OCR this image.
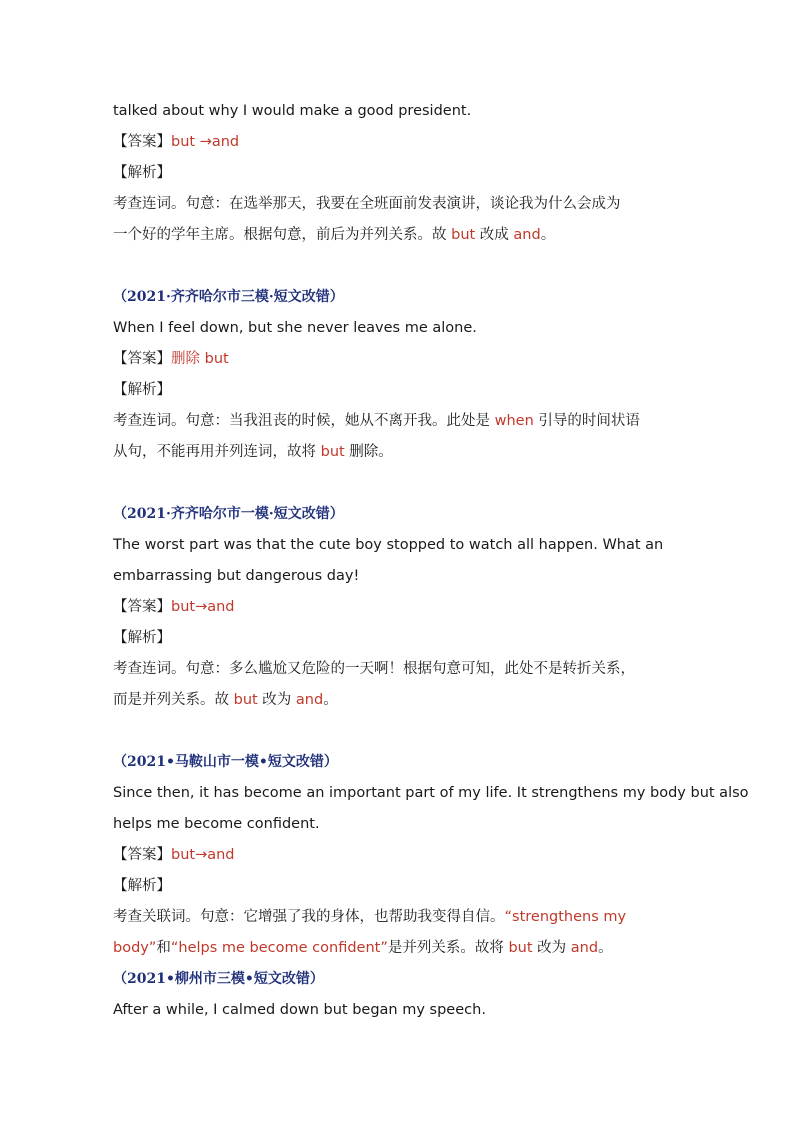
talked about why I would make a good president.
【答案】but →and
【解析】
考查连词。句意：在选举那天，我要在全班面前发表演讲，谈论我为什么会成为
一个好的学年主席。根据句意，前后为并列关系。故 but 改成 and。
（2021·齐齐哈尔市三模·短文改错）
When I feel down, but she never leaves me alone.
【答案】删除 but
【解析】
考查连词。句意：当我沮丧的时候，她从不离开我。此处是 when 引导的时间状语
从句，不能再用并列连词，故将 but 删除。
（2021·齐齐哈尔市一模·短文改错）
The worst part was that the cute boy stopped to watch all happen. What an
embarrassing but dangerous day!
【答案】but→and
【解析】
考查连词。句意：多么尴尬又危险的一天啊！根据句意可知，此处不是转折关系，
而是并列关系。故 but 改为 and。
（2021•马鞍山市一模•短文改错）
Since then, it has become an important part of my life. It strengthens my body but also
helps me become confident.
【答案】but→and
【解析】
考查关联词。句意：它增强了我的身体，也帮助我变得自信。“strengthens my
body”和“helps me become confident”是并列关系。故将 but 改为 and。
（2021•柳州市三模•短文改错）
After a while, I calmed down but began my speech.
